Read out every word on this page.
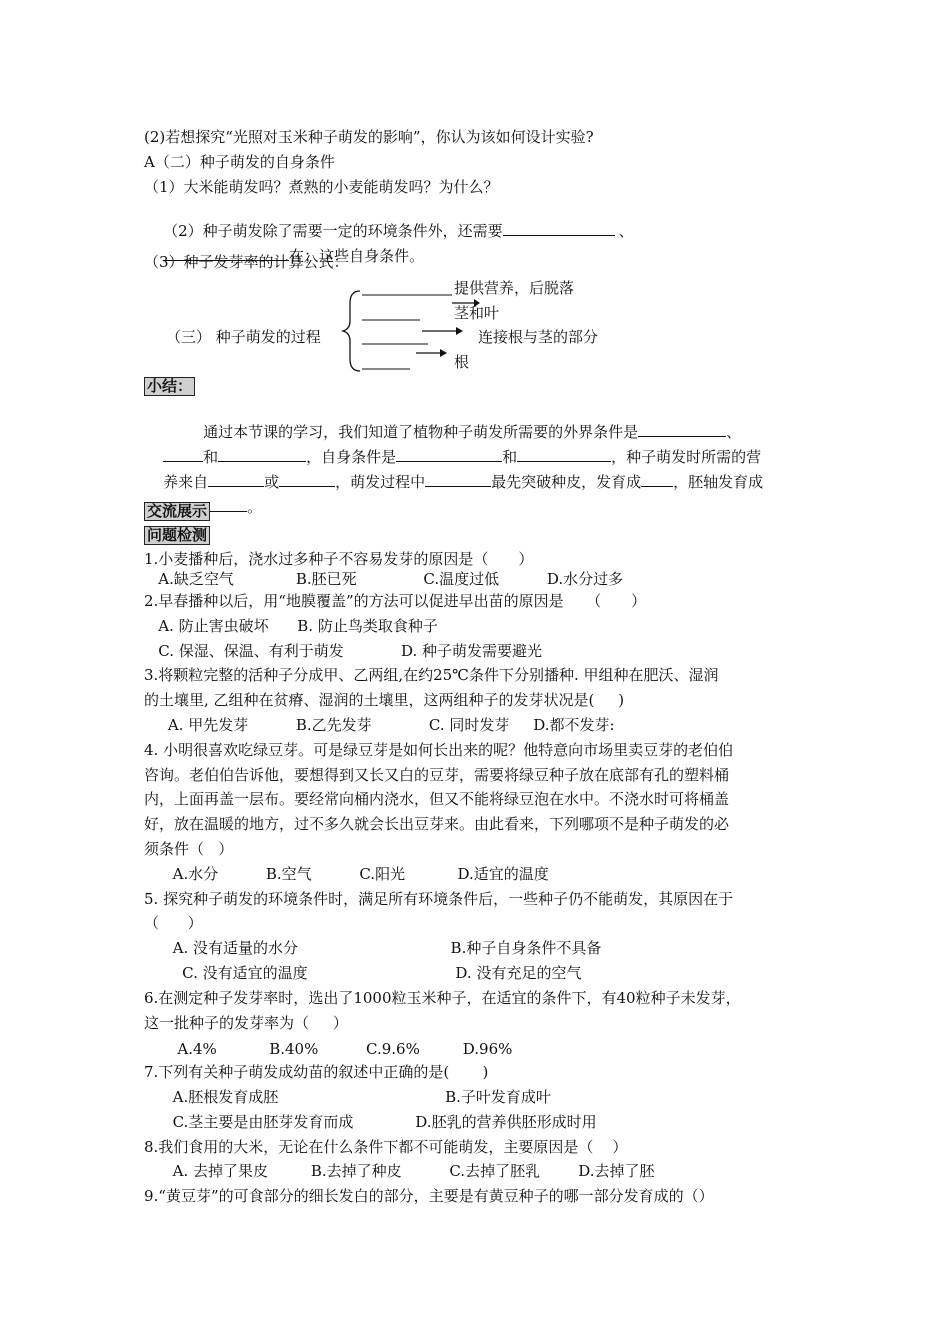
(2)若想探究“光照对玉米种子萌发的影响”，你认为该如何设计实验?
A（二）种子萌发的自身条件
（1）大米能萌发吗？煮熟的小麦能萌发吗？为什么？

（2）种子萌发除了需要一定的环境条件外，还需要	、

在；这些自身条件。

（3）种子发芽率的计算公式：
（三） 种子萌发的过程
提供营养，后脱落
茎和叶
连接根与茎的部分
根
小结：

通过本节课的学习，我们知道了植物种子萌发所需要的外界条件是	、

和	，自身条件是	和	，种子萌发时所需的营

养来自	或	，萌发过程中	最先突破种皮，发育成 ，胚轴发育成

。

交流展示
问题检测
1.小麦播种后，浇水过多种子不容易发芽的原因是（　　）
A.缺乏空气             B.胚已死              C.温度过低          D.水分过多
2.早春播种以后，用“地膜覆盖”的方法可以促进早出苗的原因是　　（　　）
A. 防止害虫破坏      B. 防止鸟类取食种子
C. 保湿、保温、有利于萌发            D. 种子萌发需要避光
3.将颗粒完整的活种子分成甲、乙两组,在约25℃条件下分别播种. 甲组种在肥沃、湿润
的土壤里, 乙组种在贫瘠、湿润的土壤里，这两组种子的发芽状况是(     )
A. 甲先发芽          B.乙先发芽            C. 同时发芽     D.都不发芽:
4. 小明很喜欢吃绿豆芽。可是绿豆芽是如何长出来的呢？他特意向市场里卖豆芽的老伯伯
咨询。老伯伯告诉他，要想得到又长又白的豆芽，需要将绿豆种子放在底部有孔的塑料桶
内，上面再盖一层布。要经常向桶内浇水，但又不能将绿豆泡在水中。不浇水时可将桶盖
好，放在温暖的地方，过不多久就会长出豆芽来。由此看来，下列哪项不是种子萌发的必
须条件（   ）
A.水分          B.空气          C.阳光           D.适宜的温度
5. 探究种子萌发的环境条件时，满足所有环境条件后，一些种子仍不能萌发，其原因在于
（      ）
A. 没有适量的水分                                B.种子自身条件不具备
C. 没有适宜的温度                               D. 没有充足的空气
6.在测定种子发芽率时，选出了1000粒玉米种子，在适宜的条件下，有40粒种子未发芽，
这一批种子的发芽率为（     ）
A.4%           B.40%          C.9.6%         D.96%
7.下列有关种子萌发成幼苗的叙述中正确的是(       )
A.胚根发育成胚                                   B.子叶发育成叶
C.茎主要是由胚芽发育而成             D.胚乳的营养供胚形成时用
8.我们食用的大米，无论在什么条件下都不可能萌发，主要原因是（    ）
A. 去掉了果皮         B.去掉了种皮          C.去掉了胚乳        D.去掉了胚
9.“黄豆芽”的可食部分的细长发白的部分，主要是有黄豆种子的哪一部分发育成的（）
